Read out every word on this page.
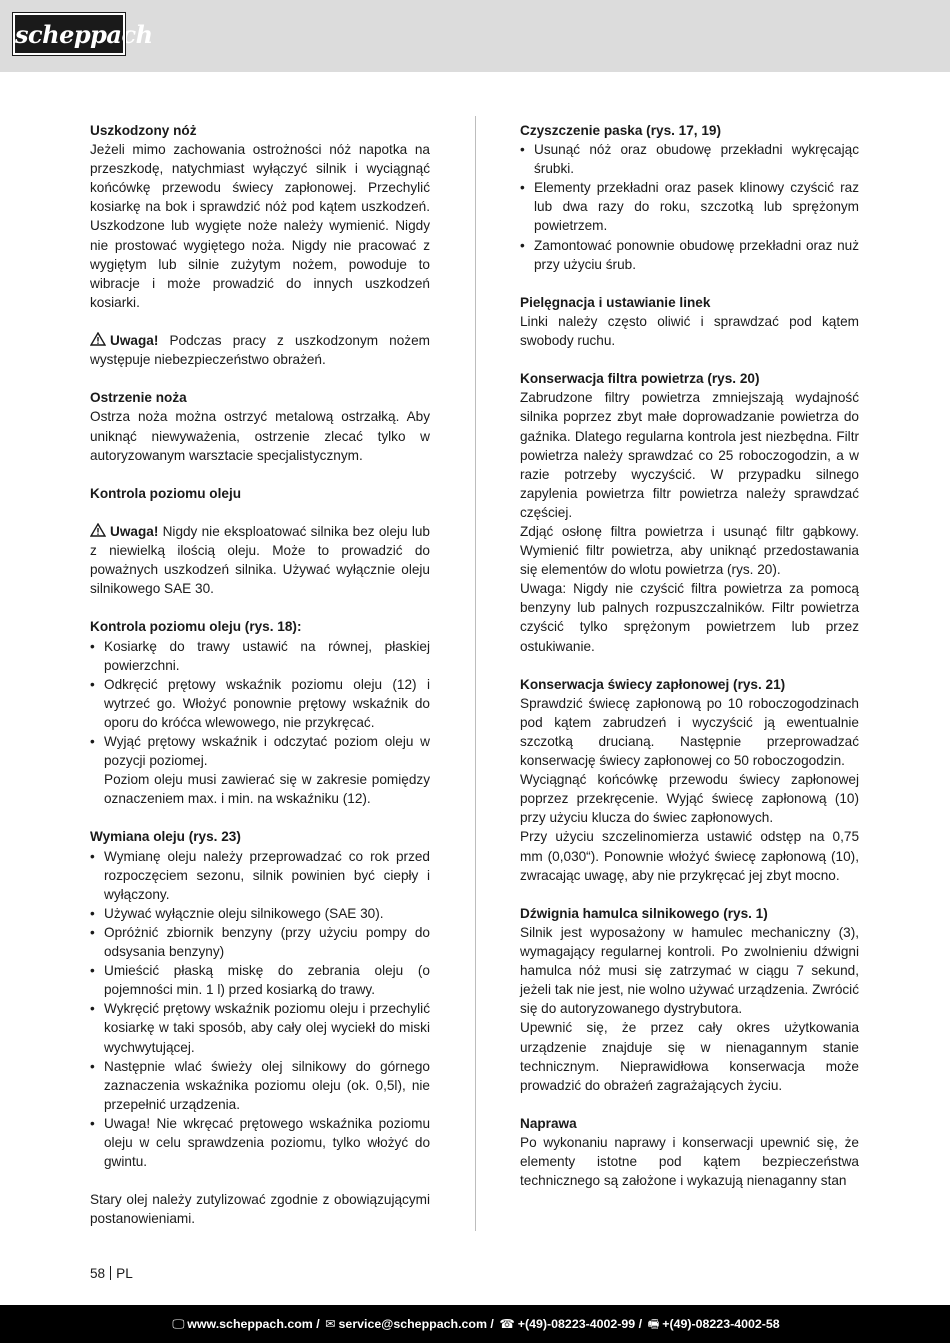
scheppach

Uszkodzony nóż

Jeżeli mimo zachowania ostrożności nóż napotka na przeszkodę, natychmiast wyłączyć silnik i wyciągnąć końcówkę przewodu świecy zapłonowej. Przechylić kosiarkę na bok i sprawdzić nóż pod kątem uszkodzeń. Uszkodzone lub wygięte noże należy wymienić. Nigdy nie prostować wygiętego noża. Nigdy nie pracować z wygiętym lub silnie zużytym nożem, powoduje to wibracje i może prowadzić do innych uszkodzeń kosiarki.

Uwaga! Podczas pracy z uszkodzonym nożem występuje niebezpieczeństwo obrażeń.

Ostrzenie noża

Ostrza noża można ostrzyć metalową ostrzałką. Aby uniknąć niewyważenia, ostrzenie zlecać tylko w autoryzowanym warsztacie specjalistycznym.

Kontrola poziomu oleju

Uwaga! Nigdy nie eksploatować silnika bez oleju lub z niewielką ilością oleju. Może to prowadzić do poważnych uszkodzeń silnika. Używać wyłącznie oleju silnikowego SAE 30.

Kontrola poziomu oleju (rys. 18):

• Kosiarkę do trawy ustawić na równej, płaskiej powierzchni.
• Odkręcić prętowy wskaźnik poziomu oleju (12) i wytrzeć go. Włożyć ponownie prętowy wskaźnik do oporu do króćca wlewowego, nie przykręcać.
• Wyjąć prętowy wskaźnik i odczytać poziom oleju w pozycji poziomej.
Poziom oleju musi zawierać się w zakresie pomiędzy oznaczeniem max. i min. na wskaźniku (12).

Wymiana oleju (rys. 23)

• Wymianę oleju należy przeprowadzać co rok przed rozpoczęciem sezonu, silnik powinien być ciepły i wyłączony.
• Używać wyłącznie oleju silnikowego (SAE 30).
• Opróżnić zbiornik benzyny (przy użyciu pompy do odsysania benzyny)
• Umieścić płaską miskę do zebrania oleju (o pojemności min. 1 l) przed kosiarką do trawy.
• Wykręcić prętowy wskaźnik poziomu oleju i przechylić kosiarkę w taki sposób, aby cały olej wyciekł do miski wychwytującej.
• Następnie wlać świeży olej silnikowy do górnego zaznaczenia wskaźnika poziomu oleju (ok. 0,5l), nie przepełnić urządzenia.
• Uwaga! Nie wkręcać prętowego wskaźnika poziomu oleju w celu sprawdzenia poziomu, tylko włożyć do gwintu.

Stary olej należy zutylizować zgodnie z obowiązującymi postanowieniami.

Czyszczenie paska (rys. 17, 19)

• Usunąć nóż oraz obudowę przekładni wykręcając śrubki.
• Elementy przekładni oraz pasek klinowy czyścić raz lub dwa razy do roku, szczotką lub sprężonym powietrzem.
• Zamontować ponownie obudowę przekładni oraz nuż przy użyciu śrub.

Pielęgnacja i ustawianie linek

Linki należy często oliwić i sprawdzać pod kątem swobody ruchu.

Konserwacja filtra powietrza (rys. 20)

Zabrudzone filtry powietrza zmniejszają wydajność silnika poprzez zbyt małe doprowadzanie powietrza do gaźnika. Dlatego regularna kontrola jest niezbędna. Filtr powietrza należy sprawdzać co 25 roboczogodzin, a w razie potrzeby wyczyścić. W przypadku silnego zapylenia powietrza filtr powietrza należy sprawdzać częściej.

Zdjąć osłonę filtra powietrza i usunąć filtr gąbkowy. Wymienić filtr powietrza, aby uniknąć przedostawania się elementów do wlotu powietrza (rys. 20).

Uwaga: Nigdy nie czyścić filtra powietrza za pomocą benzyny lub palnych rozpuszczalników. Filtr powietrza czyścić tylko sprężonym powietrzem lub przez ostukiwanie.

Konserwacja świecy zapłonowej (rys. 21)

Sprawdzić świecę zapłonową po 10 roboczogodzinach pod kątem zabrudzeń i wyczyścić ją ewentualnie szczotką drucianą. Następnie przeprowadzać konserwację świecy zapłonowej co 50 roboczogodzin.

Wyciągnąć końcówkę przewodu świecy zapłonowej poprzez przekręcenie. Wyjąć świecę zapłonową (10) przy użyciu klucza do świec zapłonowych.

Przy użyciu szczelinomierza ustawić odstęp na 0,75 mm (0,030“). Ponownie włożyć świecę zapłonową (10), zwracając uwagę, aby nie przykręcać jej zbyt mocno.

Dźwignia hamulca silnikowego (rys. 1)

Silnik jest wyposażony w hamulec mechaniczny (3), wymagający regularnej kontroli. Po zwolnieniu dźwigni hamulca nóż musi się zatrzymać w ciągu 7 sekund, jeżeli tak nie jest, nie wolno używać urządzenia. Zwrócić się do autoryzowanego dystrybutora.

Upewnić się, że przez cały okres użytkowania urządzenie znajduje się w nienagannym stanie technicznym. Nieprawidłowa konserwacja może prowadzić do obrażeń zagrażających życiu.

Naprawa

Po wykonaniu naprawy i konserwacji upewnić się, że elementy istotne pod kątem bezpieczeństwa technicznego są założone i wykazują nienaganny stan

58 PL
🖵 www.scheppach.com / ✉ service@scheppach.com / ☎ +(49)-08223-4002-99 / 🖷 +(49)-08223-4002-58
